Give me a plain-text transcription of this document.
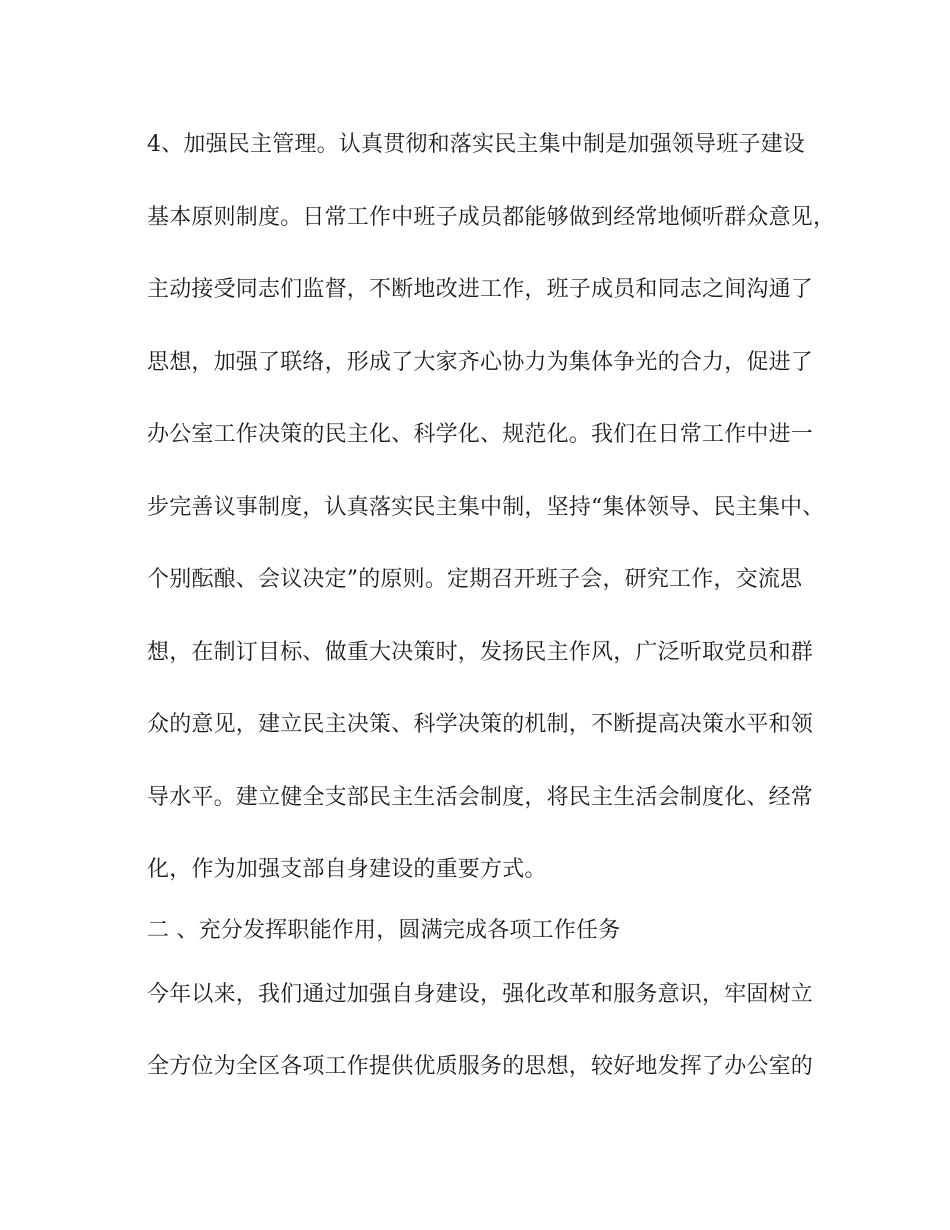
4、加强民主管理。认真贯彻和落实民主集中制是加强领导班子建设
基本原则制度。日常工作中班子成员都能够做到经常地倾听群众意见，
主动接受同志们监督，不断地改进工作，班子成员和同志之间沟通了
思想，加强了联络，形成了大家齐心协力为集体争光的合力，促进了
办公室工作决策的民主化、科学化、规范化。我们在日常工作中进一
步完善议事制度，认真落实民主集中制，坚持“集体领导、民主集中、
个别酝酿、会议决定”的原则。定期召开班子会，研究工作，交流思
想，在制订目标、做重大决策时，发扬民主作风，广泛听取党员和群
众的意见，建立民主决策、科学决策的机制，不断提高决策水平和领
导水平。建立健全支部民主生活会制度，将民主生活会制度化、经常
化，作为加强支部自身建设的重要方式。
二 、充分发挥职能作用，圆满完成各项工作任务
今年以来，我们通过加强自身建设，强化改革和服务意识，牢固树立
全方位为全区各项工作提供优质服务的思想，较好地发挥了办公室的
